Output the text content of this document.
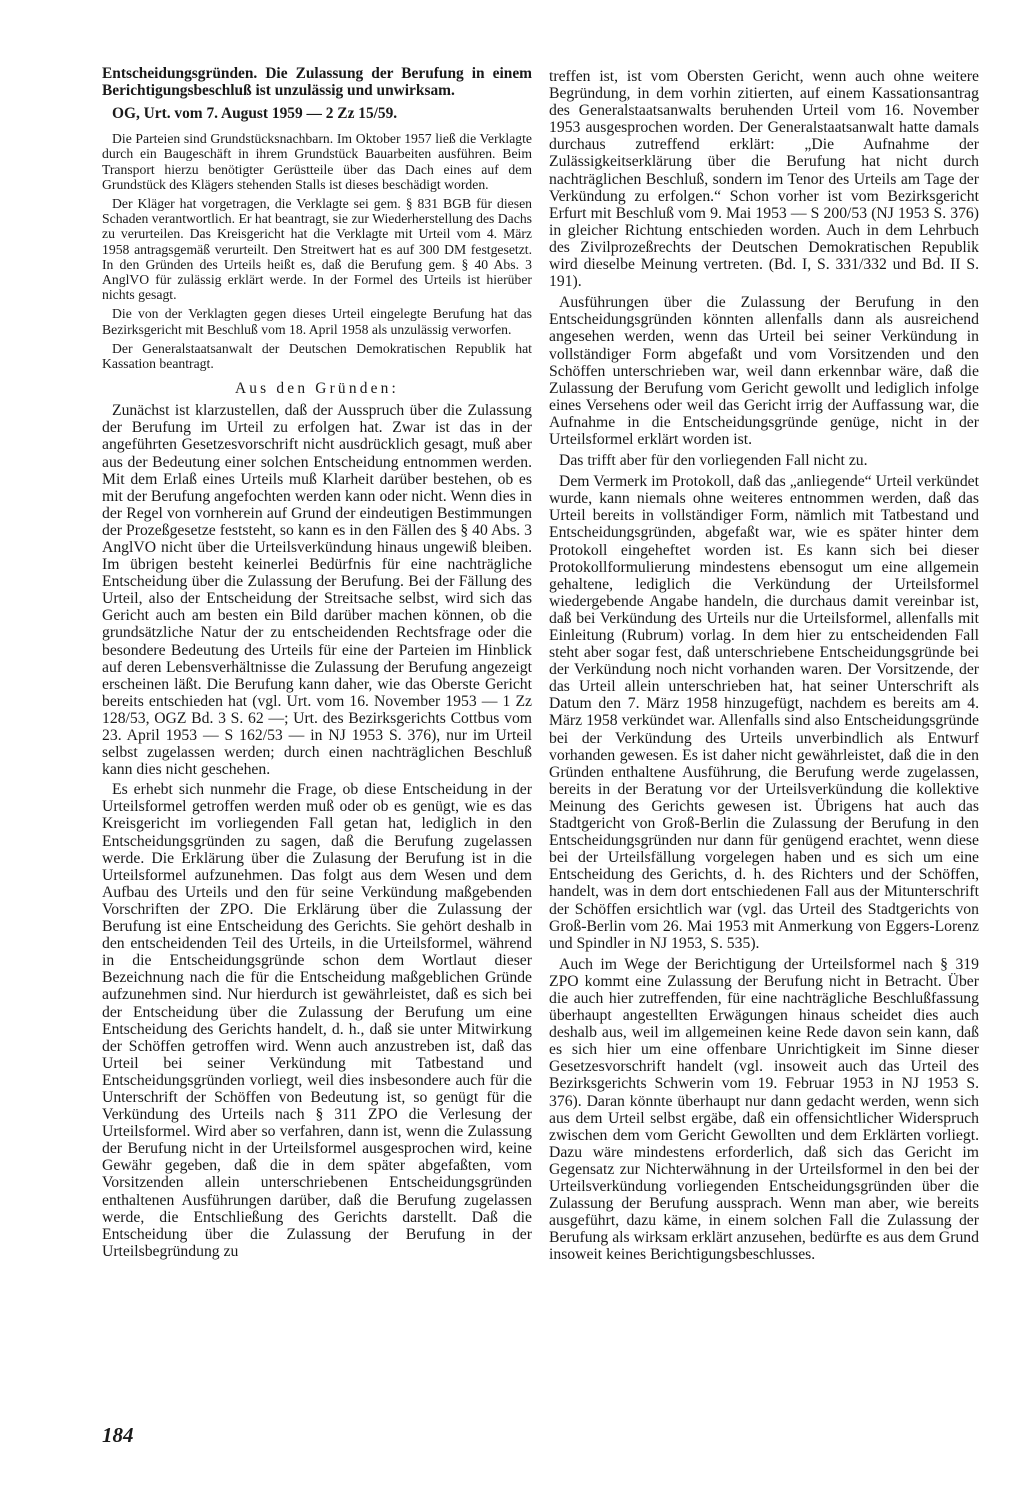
Entscheidungsgründen. Die Zulassung der Berufung in einem Berichtigungsbeschluß ist unzulässig und unwirksam.

OG, Urt. vom 7. August 1959 — 2 Zz 15/59.

Die Parteien sind Grundstücksnachbarn. Im Oktober 1957 ließ die Verklagte durch ein Baugeschäft in ihrem Grundstück Bauarbeiten ausführen. Beim Transport hierzu benötigter Gerüstteile über das Dach eines auf dem Grundstück des Klägers stehenden Stalls ist dieses beschädigt worden.

Der Kläger hat vorgetragen, die Verklagte sei gem. § 831 BGB für diesen Schaden verantwortlich. Er hat beantragt, sie zur Wiederherstellung des Dachs zu verurteilen. Das Kreisgericht hat die Verklagte mit Urteil vom 4. März 1958 antragsgemäß verurteilt. Den Streitwert hat es auf 300 DM festgesetzt. In den Gründen des Urteils heißt es, daß die Berufung gem. § 40 Abs. 3 AnglVO für zulässig erklärt werde. In der Formel des Urteils ist hierüber nichts gesagt.

Die von der Verklagten gegen dieses Urteil eingelegte Berufung hat das Bezirksgericht mit Beschluß vom 18. April 1958 als unzulässig verworfen.

Der Generalstaatsanwalt der Deutschen Demokratischen Republik hat Kassation beantragt.

Aus den Gründen:

Zunächst ist klarzustellen, daß der Ausspruch über die Zulassung der Berufung im Urteil zu erfolgen hat. Zwar ist das in der angeführten Gesetzesvorschrift nicht ausdrücklich gesagt, muß aber aus der Bedeutung einer solchen Entscheidung entnommen werden. Mit dem Erlaß eines Urteils muß Klarheit darüber bestehen, ob es mit der Berufung angefochten werden kann oder nicht. Wenn dies in der Regel von vornherein auf Grund der eindeutigen Bestimmungen der Prozeßgesetze feststeht, so kann es in den Fällen des § 40 Abs. 3 AnglVO nicht über die Urteilsverkündung hinaus ungewiß bleiben. Im übrigen besteht keinerlei Bedürfnis für eine nachträgliche Entscheidung über die Zulassung der Berufung. Bei der Fällung des Urteil, also der Entscheidung der Streitsache selbst, wird sich das Gericht auch am besten ein Bild darüber machen können, ob die grundsätzliche Natur der zu entscheidenden Rechtsfrage oder die besondere Bedeutung des Urteils für eine der Parteien im Hinblick auf deren Lebensverhältnisse die Zulassung der Berufung angezeigt erscheinen läßt. Die Berufung kann daher, wie das Oberste Gericht bereits entschieden hat (vgl. Urt. vom 16. November 1953 — 1 Zz 128/53, OGZ Bd. 3 S. 62 —; Urt. des Bezirksgerichts Cottbus vom 23. April 1953 — S 162/53 — in NJ 1953 S. 376), nur im Urteil selbst zugelassen werden; durch einen nachträglichen Beschluß kann dies nicht geschehen.

Es erhebt sich nunmehr die Frage, ob diese Entscheidung in der Urteilsformel getroffen werden muß oder ob es genügt, wie es das Kreisgericht im vorliegenden Fall getan hat, lediglich in den Entscheidungsgründen zu sagen, daß die Berufung zugelassen werde. Die Erklärung über die Zulasung der Berufung ist in die Urteilsformel aufzunehmen. Das folgt aus dem Wesen und dem Aufbau des Urteils und den für seine Verkündung maßgebenden Vorschriften der ZPO. Die Erklärung über die Zulassung der Berufung ist eine Entscheidung des Gerichts. Sie gehört deshalb in den entscheidenden Teil des Urteils, in die Urteilsformel, während in die Entscheidungsgründe schon dem Wortlaut dieser Bezeichnung nach die für die Entscheidung maßgeblichen Gründe aufzunehmen sind. Nur hierdurch ist gewährleistet, daß es sich bei der Entscheidung über die Zulassung der Berufung um eine Entscheidung des Gerichts handelt, d. h., daß sie unter Mitwirkung der Schöffen getroffen wird. Wenn auch anzustreben ist, daß das Urteil bei seiner Verkündung mit Tatbestand und Entscheidungsgründen vorliegt, weil dies insbesondere auch für die Unterschrift der Schöffen von Bedeutung ist, so genügt für die Verkündung des Urteils nach § 311 ZPO die Verlesung der Urteilsformel. Wird aber so verfahren, dann ist, wenn die Zulassung der Berufung nicht in der Urteilsformel ausgesprochen wird, keine Gewähr gegeben, daß die in dem später abgefaßten, vom Vorsitzenden allein unterschriebenen Entscheidungsgründen enthaltenen Ausführungen darüber, daß die Berufung zugelassen werde, die Entschließung des Gerichts darstellt. Daß die Entscheidung über die Zulassung der Berufung in der Urteilsbegründung zu

treffen ist, ist vom Obersten Gericht, wenn auch ohne weitere Begründung, in dem vorhin zitierten, auf einem Kassationsantrag des Generalstaatsanwalts beruhenden Urteil vom 16. November 1953 ausgesprochen worden. Der Generalstaatsanwalt hatte damals durchaus zutreffend erklärt: „Die Aufnahme der Zulässigkeitserklärung über die Berufung hat nicht durch nachträglichen Beschluß, sondern im Tenor des Urteils am Tage der Verkündung zu erfolgen.“ Schon vorher ist vom Bezirksgericht Erfurt mit Beschluß vom 9. Mai 1953 — S 200/53 (NJ 1953 S. 376) in gleicher Richtung entschieden worden. Auch in dem Lehrbuch des Zivilprozeßrechts der Deutschen Demokratischen Republik wird dieselbe Meinung vertreten. (Bd. I, S. 331/332 und Bd. II S. 191).

Ausführungen über die Zulassung der Berufung in den Entscheidungsgründen könnten allenfalls dann als ausreichend angesehen werden, wenn das Urteil bei seiner Verkündung in vollständiger Form abgefaßt und vom Vorsitzenden und den Schöffen unterschrieben war, weil dann erkennbar wäre, daß die Zulassung der Berufung vom Gericht gewollt und lediglich infolge eines Versehens oder weil das Gericht irrig der Auffassung war, die Aufnahme in die Entscheidungsgründe genüge, nicht in der Urteilsformel erklärt worden ist.

Das trifft aber für den vorliegenden Fall nicht zu.

Dem Vermerk im Protokoll, daß das „anliegende“ Urteil verkündet wurde, kann niemals ohne weiteres entnommen werden, daß das Urteil bereits in vollständiger Form, nämlich mit Tatbestand und Entscheidungsgründen, abgefaßt war, wie es später hinter dem Protokoll eingeheftet worden ist. Es kann sich bei dieser Protokollformulierung mindestens ebensogut um eine allgemein gehaltene, lediglich die Verkündung der Urteilsformel wiedergebende Angabe handeln, die durchaus damit vereinbar ist, daß bei Verkündung des Urteils nur die Urteilsformel, allenfalls mit Einleitung (Rubrum) vorlag. In dem hier zu entscheidenden Fall steht aber sogar fest, daß unterschriebene Entscheidungsgründe bei der Verkündung noch nicht vorhanden waren. Der Vorsitzende, der das Urteil allein unterschrieben hat, hat seiner Unterschrift als Datum den 7. März 1958 hinzugefügt, nachdem es bereits am 4. März 1958 verkündet war. Allenfalls sind also Entscheidungsgründe bei der Verkündung des Urteils unverbindlich als Entwurf vorhanden gewesen. Es ist daher nicht gewährleistet, daß die in den Gründen enthaltene Ausführung, die Berufung werde zugelassen, bereits in der Beratung vor der Urteilsverkündung die kollektive Meinung des Gerichts gewesen ist. Übrigens hat auch das Stadtgericht von Groß-Berlin die Zulassung der Berufung in den Entscheidungsgründen nur dann für genügend erachtet, wenn diese bei der Urteilsfällung vorgelegen haben und es sich um eine Entscheidung des Gerichts, d. h. des Richters und der Schöffen, handelt, was in dem dort entschiedenen Fall aus der Mitunterschrift der Schöffen ersichtlich war (vgl. das Urteil des Stadtgerichts von Groß-Berlin vom 26. Mai 1953 mit Anmerkung von Eggers-Lorenz und Spindler in NJ 1953, S. 535).

Auch im Wege der Berichtigung der Urteilsformel nach § 319 ZPO kommt eine Zulassung der Berufung nicht in Betracht. Über die auch hier zutreffenden, für eine nachträgliche Beschlußfassung überhaupt angestellten Erwägungen hinaus scheidet dies auch deshalb aus, weil im allgemeinen keine Rede davon sein kann, daß es sich hier um eine offenbare Unrichtigkeit im Sinne dieser Gesetzesvorschrift handelt (vgl. insoweit auch das Urteil des Bezirksgerichts Schwerin vom 19. Februar 1953 in NJ 1953 S. 376). Daran könnte überhaupt nur dann gedacht werden, wenn sich aus dem Urteil selbst ergäbe, daß ein offensichtlicher Widerspruch zwischen dem vom Gericht Gewollten und dem Erklärten vorliegt. Dazu wäre mindestens erforderlich, daß sich das Gericht im Gegensatz zur Nichterwähnung in der Urteilsformel in den bei der Urteilsverkündung vorliegenden Entscheidungsgründen über die Zulassung der Berufung aussprach. Wenn man aber, wie bereits ausgeführt, dazu käme, in einem solchen Fall die Zulassung der Berufung als wirksam erklärt anzusehen, bedürfte es aus dem Grund insoweit keines Berichtigungsbeschlusses.

184
